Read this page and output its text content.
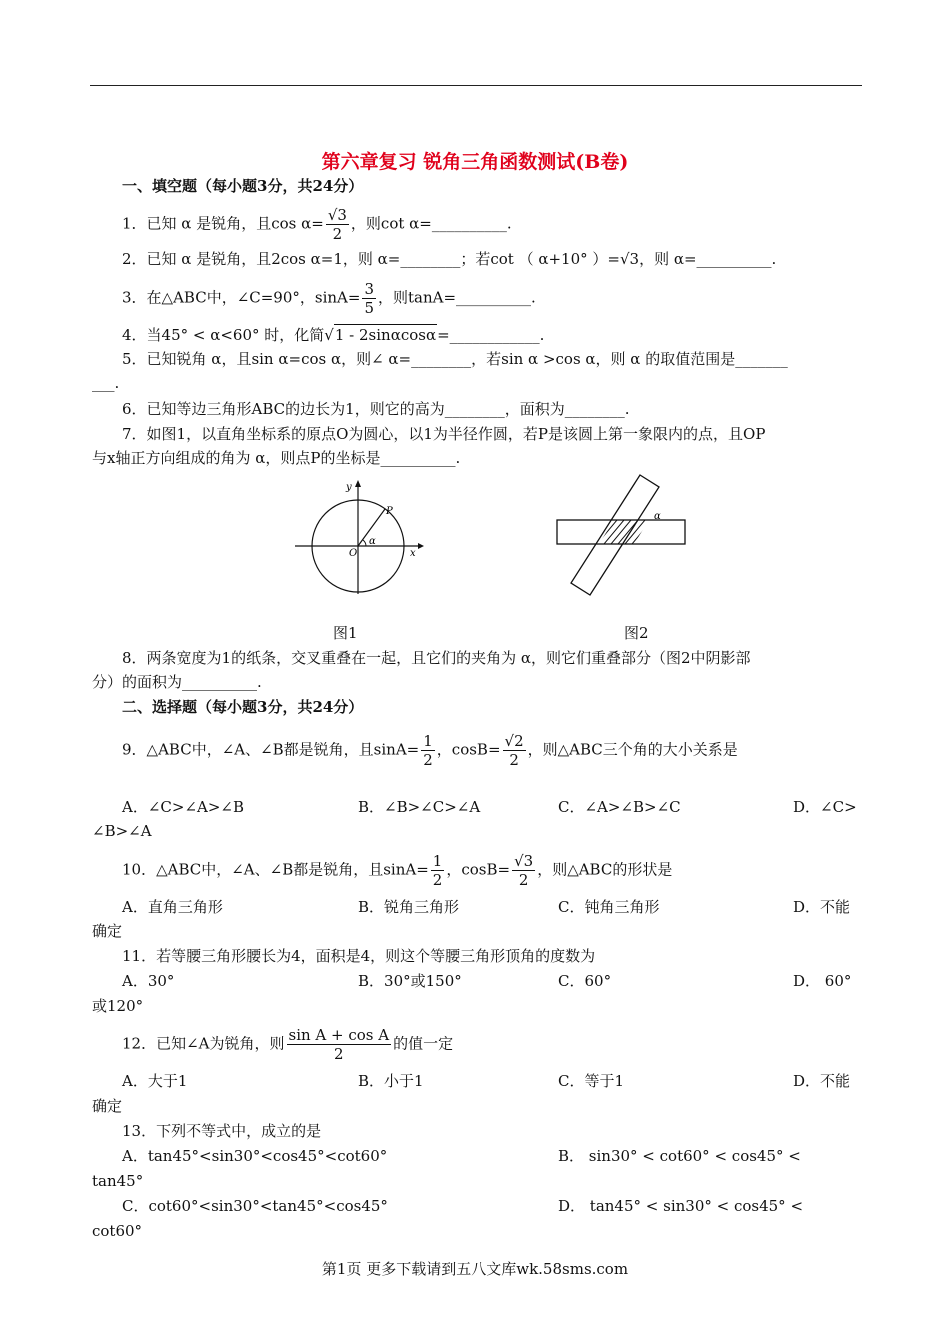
第六章复习 锐角三角函数测试(B卷)
一、填空题（每小题3分，共24分）
1．已知 α 是锐角，且$\cos \alpha= \frac{√3}{2}$ ，则cot α=__________.
2．已知 α 是锐角，且2cos α=1，则 α=________；若cot （ α+10° ）=√3，则 α=__________.
3．在△ABC中，∠C=90°，$\sin A= \frac{3}{5}$ ，则tanA=__________.
4．当45° < α<60° 时，化简√1 - 2sinαcosα=____________.
5．已知锐角 α，且sin α=cos α，则∠ α=________，若sin α >cos α，则 α 的取值范围是_______
___.
6．已知等边三角形ABC的边长为1，则它的高为________，面积为________.
7．如图1，以直角坐标系的原点O为圆心，以1为半径作圆，若P是该圆上第一象限内的点，且OP
与x轴正方向组成的角为 α，则点P的坐标是__________.
y
x
P
O
α
α
图1	图2
8．两条宽度为1的纸条，交叉重叠在一起，且它们的夹角为 α，则它们重叠部分（图2中阴影部
分）的面积为__________.
二、选择题（每小题3分，共24分）
9．△ABC中，∠A、∠B都是锐角，且$\sin A= \frac{1}{2}$ ，$\cos B= \frac{√2}{2}$ ，则△ABC三个角的大小关系是
A．∠C>∠A>∠B	B．∠B>∠C>∠A	C．∠A>∠B>∠C	D．∠C>
∠B>∠A
10．△ABC中，∠A、∠B都是锐角，且$\sin A= \frac{1}{2}$ ，$\cos B= \frac{√3}{2}$ ，则△ABC的形状是
A．直角三角形	B．锐角三角形	C．钝角三角形	D．不能
确定
11．若等腰三角形腰长为4，面积是4，则这个等腰三角形顶角的度数为
A．30°	B．30°或150°	C．60°	D． 60°
或120°
12．已知∠A为锐角，则 $\frac{\text{sin A + cos A}}{2}$ 的值一定
A．大于1	B．小于1	C．等于1	D．不能
确定
13．下列不等式中，成立的是
A．tan45°<sin30°<cos45°<cot60°	B． sin30° < cot60° < cos45° <
tan45°
C．cot60°<sin30°<tan45°<cos45°	D． tan45° < sin30° < cos45° <
cot60°
第1页 更多下载请到五八文库wk.58sms.com
